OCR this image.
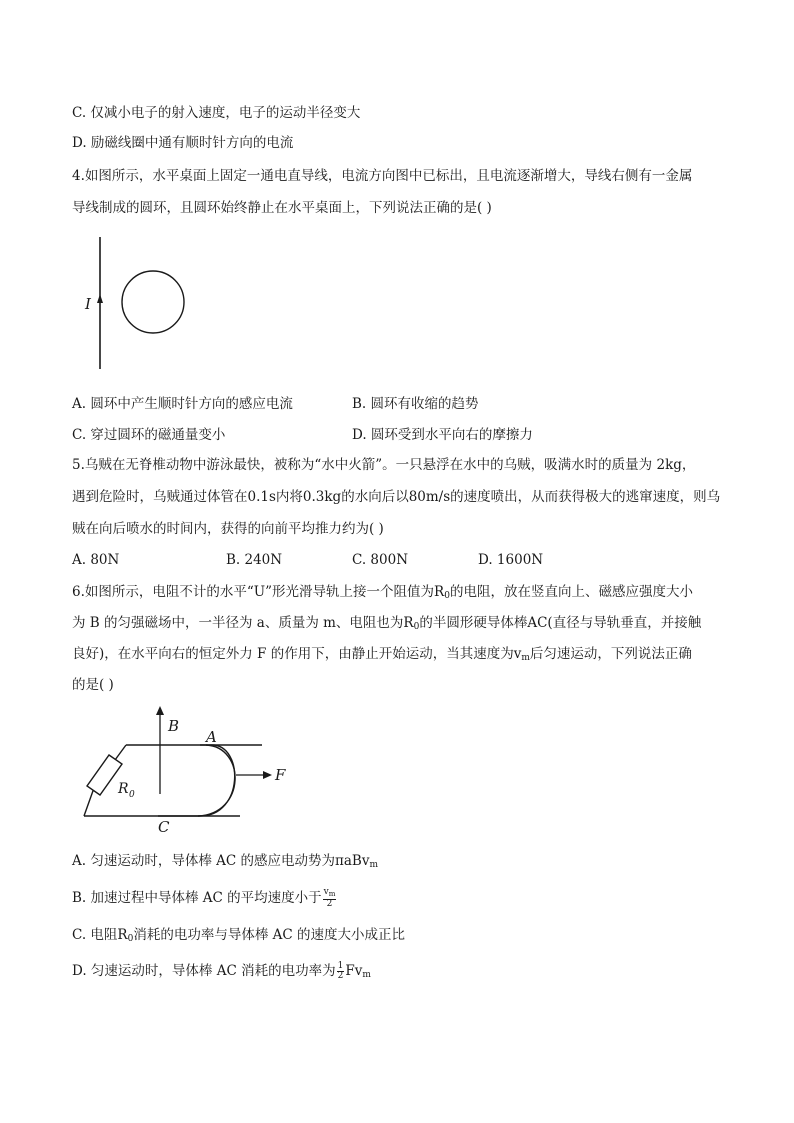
C. 仅减小电子的射入速度，电子的运动半径变大
D. 励磁线圈中通有顺时针方向的电流
4.如图所示，水平桌面上固定一通电直导线，电流方向图中已标出，且电流逐渐增大，导线右侧有一金属
导线制成的圆环，且圆环始终静止在水平桌面上，下列说法正确的是( )
I
A. 圆环中产生顺时针方向的感应电流	B. 圆环有收缩的趋势
C. 穿过圆环的磁通量变小	D. 圆环受到水平向右的摩擦力
5.乌贼在无脊椎动物中游泳最快，被称为“水中火箭”。一只悬浮在水中的乌贼，吸满水时的质量为 2kg，
遇到危险时，乌贼通过体管在0.1s内将0.3kg的水向后以80m/s的速度喷出，从而获得极大的逃窜速度，则乌
贼在向后喷水的时间内，获得的向前平均推力约为( )
A. 80N	B. 240N	C. 800N	D. 1600N
6.如图所示，电阻不计的水平“U”形光滑导轨上接一个阻值为$R_0$的电阻，放在竖直向上、磁感应强度大小
为 B 的匀强磁场中，一半径为 a、质量为 m、电阻也为$R_0$的半圆形硬导体棒AC(直径与导轨垂直，并接触
良好)，在水平向右的恒定外力 F 的作用下，由静止开始运动，当其速度为$v_m$后匀速运动，下列说法正确
的是( )
B
A
F
R 0
C
A. 匀速运动时，导体棒 AC 的感应电动势为πaBv$_m$
B. 加速过程中导体棒 AC 的平均速度小于 $\frac{v_m}{2}$
C. 电阻$R_0$消耗的电功率与导体棒 AC 的速度大小成正比
D. 匀速运动时，导体棒 AC 消耗的电功率为 $\frac{1}{2} Fv_m$
